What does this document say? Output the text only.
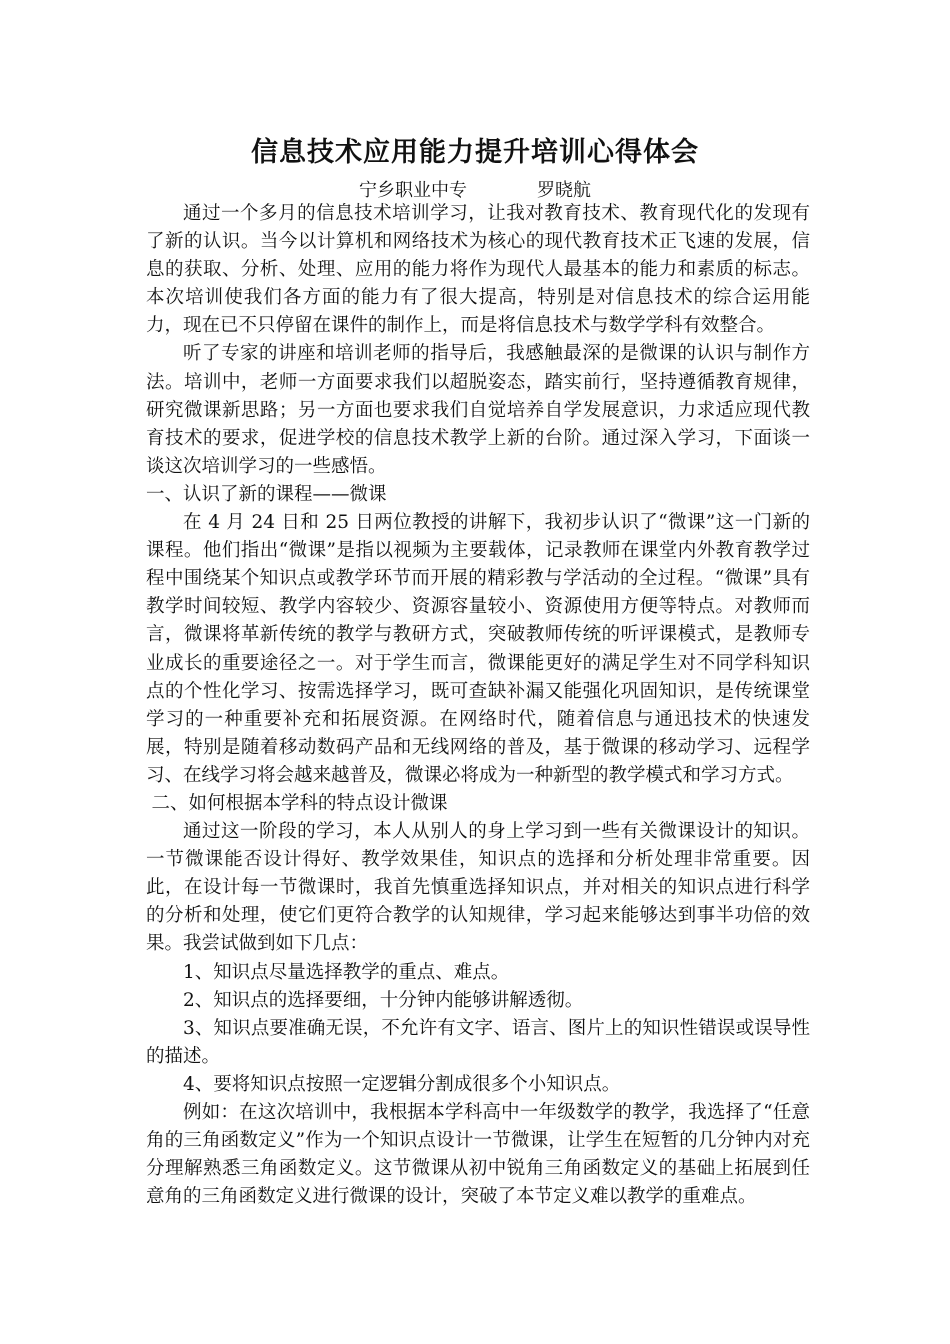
信息技术应用能力提升培训心得体会
宁乡职业中专	罗晓航

通过一个多月的信息技术培训学习，让我对教育技术、教育现代化的发现有了新的认识。当今以计算机和网络技术为核心的现代教育技术正飞速的发展，信息的获取、分析、处理、应用的能力将作为现代人最基本的能力和素质的标志。本次培训使我们各方面的能力有了很大提高，特别是对信息技术的综合运用能力，现在已不只停留在课件的制作上，而是将信息技术与数学学科有效整合。

听了专家的讲座和培训老师的指导后，我感触最深的是微课的认识与制作方法。培训中，老师一方面要求我们以超脱姿态，踏实前行，坚持遵循教育规律，研究微课新思路；另一方面也要求我们自觉培养自学发展意识，力求适应现代教育技术的要求，促进学校的信息技术教学上新的台阶。通过深入学习，下面谈一谈这次培训学习的一些感悟。

一、认识了新的课程——微课

在 4 月 24 日和 25 日两位教授的讲解下，我初步认识了“微课”这一门新的课程。他们指出“微课”是指以视频为主要载体，记录教师在课堂内外教育教学过程中围绕某个知识点或教学环节而开展的精彩教与学活动的全过程。“微课”具有教学时间较短、教学内容较少、资源容量较小、资源使用方便等特点。对教师而言，微课将革新传统的教学与教研方式，突破教师传统的听评课模式，是教师专业成长的重要途径之一。对于学生而言，微课能更好的满足学生对不同学科知识点的个性化学习、按需选择学习，既可查缺补漏又能强化巩固知识，是传统课堂学习的一种重要补充和拓展资源。在网络时代，随着信息与通迅技术的快速发展，特别是随着移动数码产品和无线网络的普及，基于微课的移动学习、远程学习、在线学习将会越来越普及，微课必将成为一种新型的教学模式和学习方式。

二、如何根据本学科的特点设计微课

通过这一阶段的学习，本人从别人的身上学习到一些有关微课设计的知识。一节微课能否设计得好、教学效果佳，知识点的选择和分析处理非常重要。因此，在设计每一节微课时，我首先慎重选择知识点，并对相关的知识点进行科学的分析和处理，使它们更符合教学的认知规律，学习起来能够达到事半功倍的效果。我尝试做到如下几点：

1、知识点尽量选择教学的重点、难点。

2、知识点的选择要细，十分钟内能够讲解透彻。

3、知识点要准确无误，不允许有文字、语言、图片上的知识性错误或误导性的描述。

4、要将知识点按照一定逻辑分割成很多个小知识点。

例如：在这次培训中，我根据本学科高中一年级数学的教学，我选择了“任意角的三角函数定义”作为一个知识点设计一节微课，让学生在短暂的几分钟内对充分理解熟悉三角函数定义。这节微课从初中锐角三角函数定义的基础上拓展到任意角的三角函数定义进行微课的设计，突破了本节定义难以教学的重难点。
